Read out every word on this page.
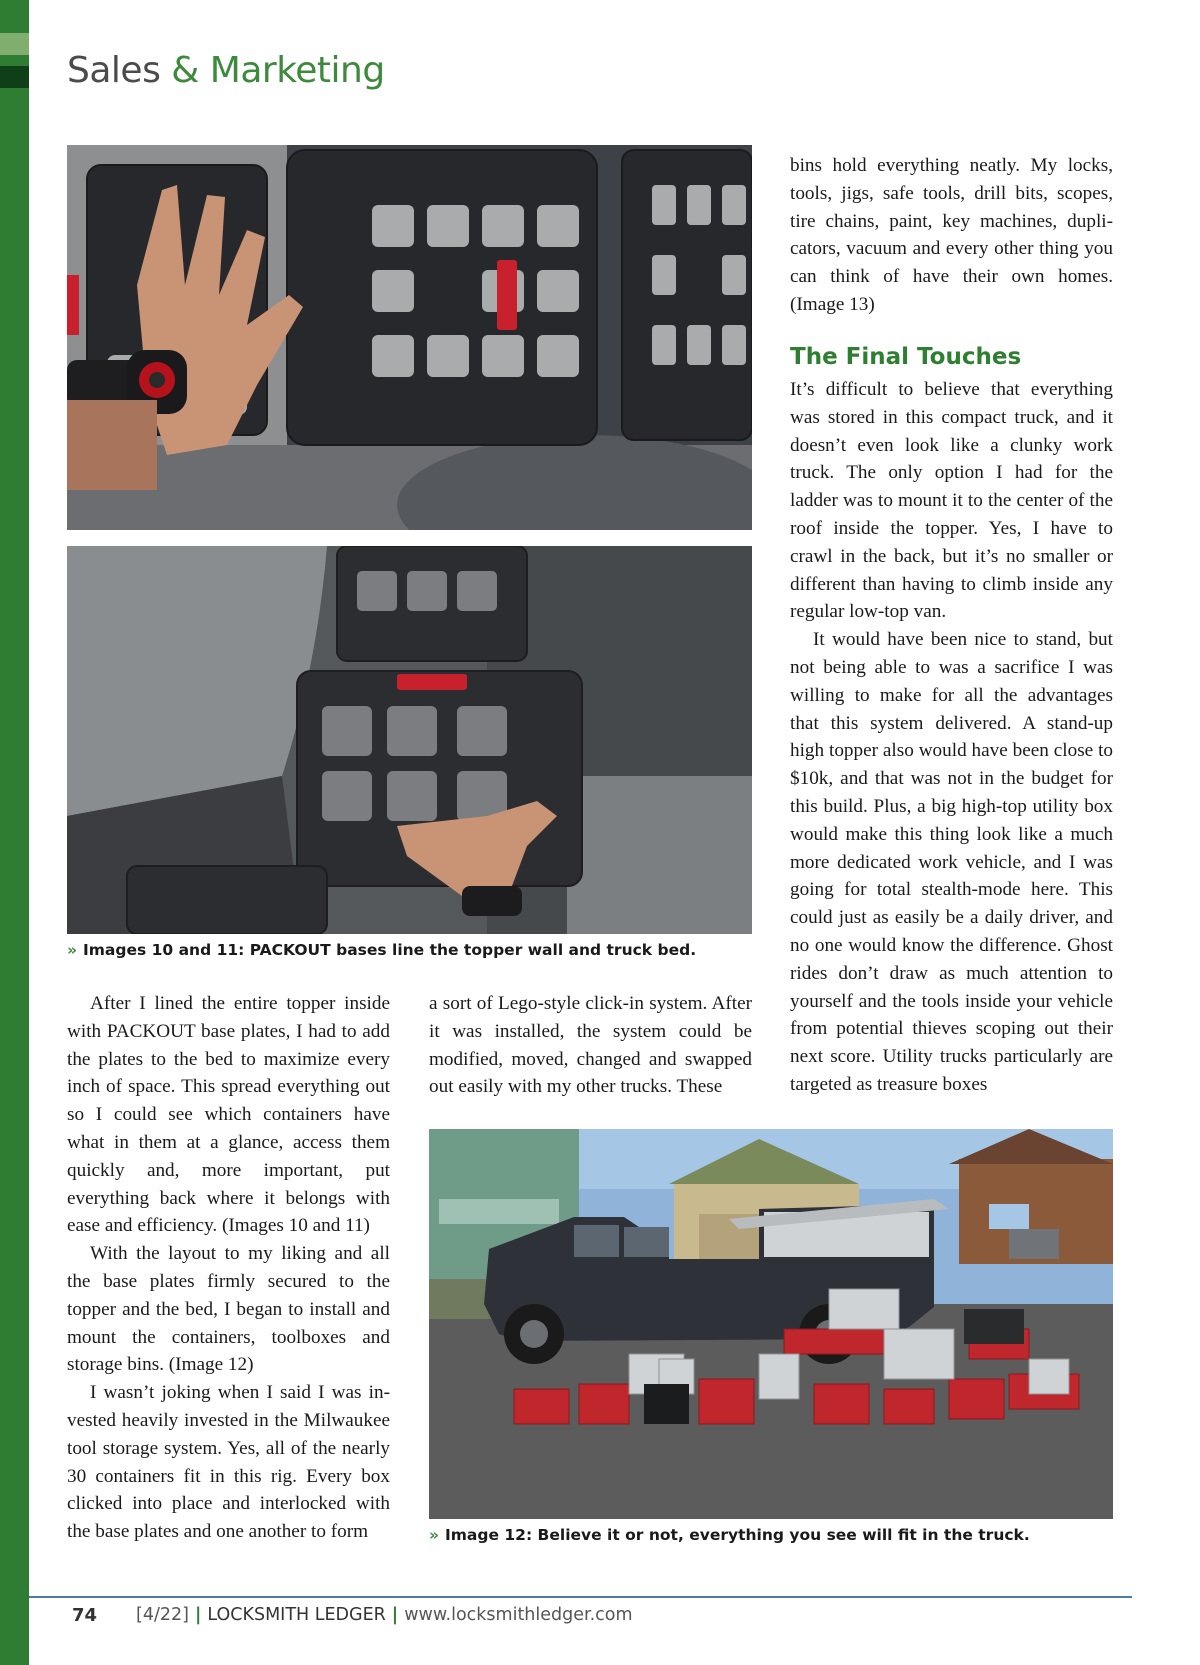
Sales & Marketing
» Images 10 and 11: PACKOUT bases line the topper wall and truck bed.

After I lined the entire topper inside with PACKOUT base plates, I had to add the plates to the bed to maximize every inch of space. This spread everything out so I could see which containers have what in them at a glance, access them quickly and, more important, put everything back where it belongs with ease and efficiency. (Images 10 and 11)

With the layout to my liking and all the base plates firmly secured to the topper and the bed, I began to install and mount the containers, toolboxes and storage bins. (Image 12)

I wasn’t joking when I said I was invested heavily invested in the Milwaukee tool storage system. Yes, all of the nearly 30 containers fit in this rig. Every box clicked into place and interlocked with the base plates and one another to form

a sort of Lego-style click-in system. After it was installed, the system could be modified, moved, changed and swapped out easily with my other trucks. These

bins hold everything neatly. My locks, tools, jigs, safe tools, drill bits, scopes, tire chains, paint, key machines, duplicators, vacuum and every other thing you can think of have their own homes. (Image 13)

The Final Touches

It’s difficult to believe that everything was stored in this compact truck, and it doesn’t even look like a clunky work truck. The only option I had for the ladder was to mount it to the center of the roof inside the topper. Yes, I have to crawl in the back, but it’s no smaller or different than having to climb inside any regular low-top van.

It would have been nice to stand, but not being able to was a sacrifice I was willing to make for all the advantages that this system delivered. A stand-up high topper also would have been close to $10k, and that was not in the budget for this build. Plus, a big high-top utility box would make this thing look like a much more dedicated work vehicle, and I was going for total stealth-mode here. This could just as easily be a daily driver, and no one would know the difference. Ghost rides don’t draw as much attention to yourself and the tools inside your vehicle from potential thieves scoping out their next score. Utility trucks particularly are targeted as treasure boxes

» Image 12: Believe it or not, everything you see will fit in the truck.
74 [4/22] | LOCKSMITH LEDGER | www.locksmithledger.com
